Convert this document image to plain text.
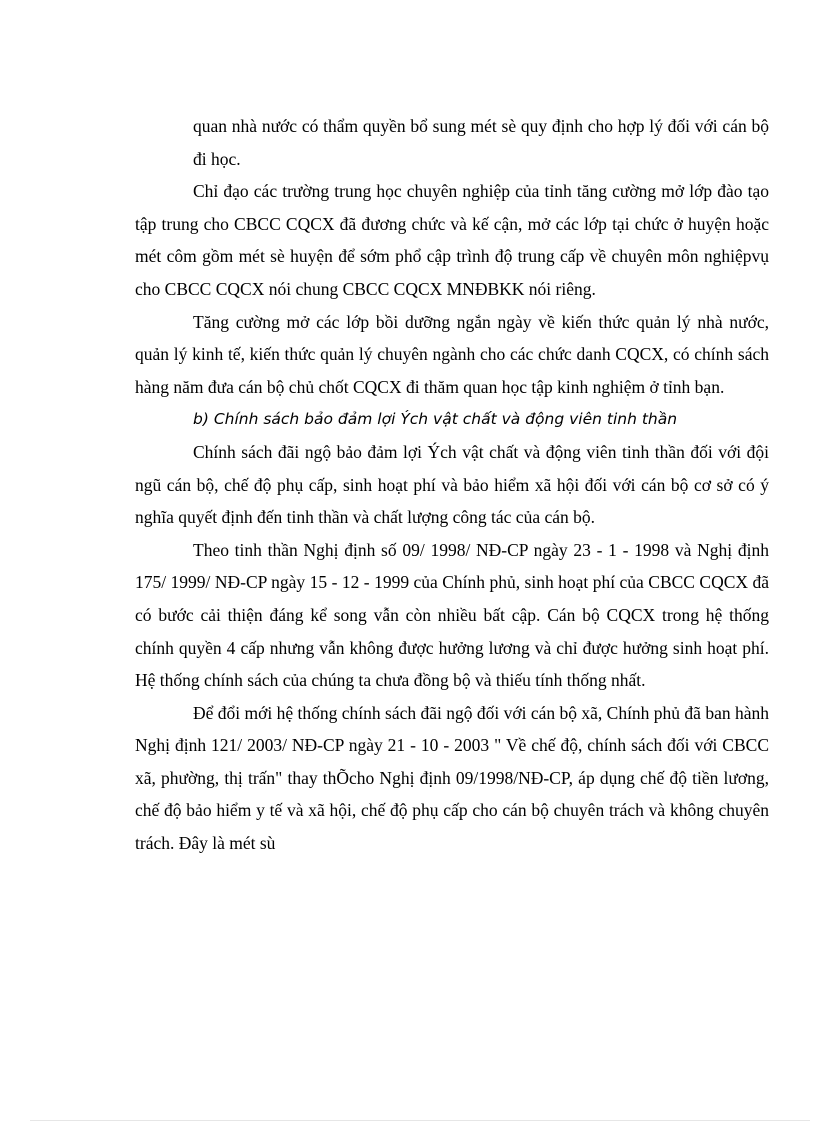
quan nhà nước có thẩm quyền bổ sung mét sè quy định cho hợp lý đối với cán bộ đi học.

Chỉ đạo các trường trung học chuyên nghiệp của tỉnh tăng cường mở lớp đào tạo tập trung cho CBCC CQCX đã đương chức và kế cận, mở các lớp tại chức ở huyện hoặc mét côm gồm mét sè huyện để sớm phổ cập trình độ trung cấp về chuyên môn nghiệpvụ cho CBCC CQCX nói chung CBCC CQCX MNĐBKK nói riêng.

Tăng cường mở các lớp bồi dưỡng ngắn ngày về kiến thức quản lý nhà nước, quản lý kinh tế, kiến thức quản lý chuyên ngành cho các chức danh CQCX, có chính sách hàng năm đưa cán bộ chủ chốt CQCX đi thăm quan học tập kinh nghiệm ở tỉnh bạn.

b) Chính sách bảo đảm lợi Ých vật chất và động viên tinh thần

Chính sách đãi ngộ bảo đảm lợi Ých vật chất và động viên tinh thần đối với đội ngũ cán bộ, chế độ phụ cấp, sinh hoạt phí và bảo hiểm xã hội đối với cán bộ cơ sở có ý nghĩa quyết định đến tinh thần và chất lượng công tác của cán bộ.

Theo tinh thần Nghị định số 09/ 1998/ NĐ-CP ngày 23 - 1 - 1998 và Nghị định 175/ 1999/ NĐ-CP ngày 15 - 12 - 1999 của Chính phủ, sinh hoạt phí của CBCC CQCX đã có bước cải thiện đáng kể song vẫn còn nhiều bất cập. Cán bộ CQCX trong hệ thống chính quyền 4 cấp nhưng vẫn không được hưởng lương và chỉ được hưởng sinh hoạt phí. Hệ thống chính sách của chúng ta chưa đồng bộ và thiếu tính thống nhất.

Để đổi mới hệ thống chính sách đãi ngộ đối với cán bộ xã, Chính phủ đã ban hành Nghị định 121/ 2003/ NĐ-CP ngày 21 - 10 - 2003 " Về chế độ, chính sách đối với CBCC xã, phường, thị trấn" thay thÕcho Nghị định 09/1998/NĐ-CP, áp dụng chế độ tiền lương, chế độ bảo hiểm y tế và xã hội, chế độ phụ cấp cho cán bộ chuyên trách và không chuyên trách. Đây là mét sù
